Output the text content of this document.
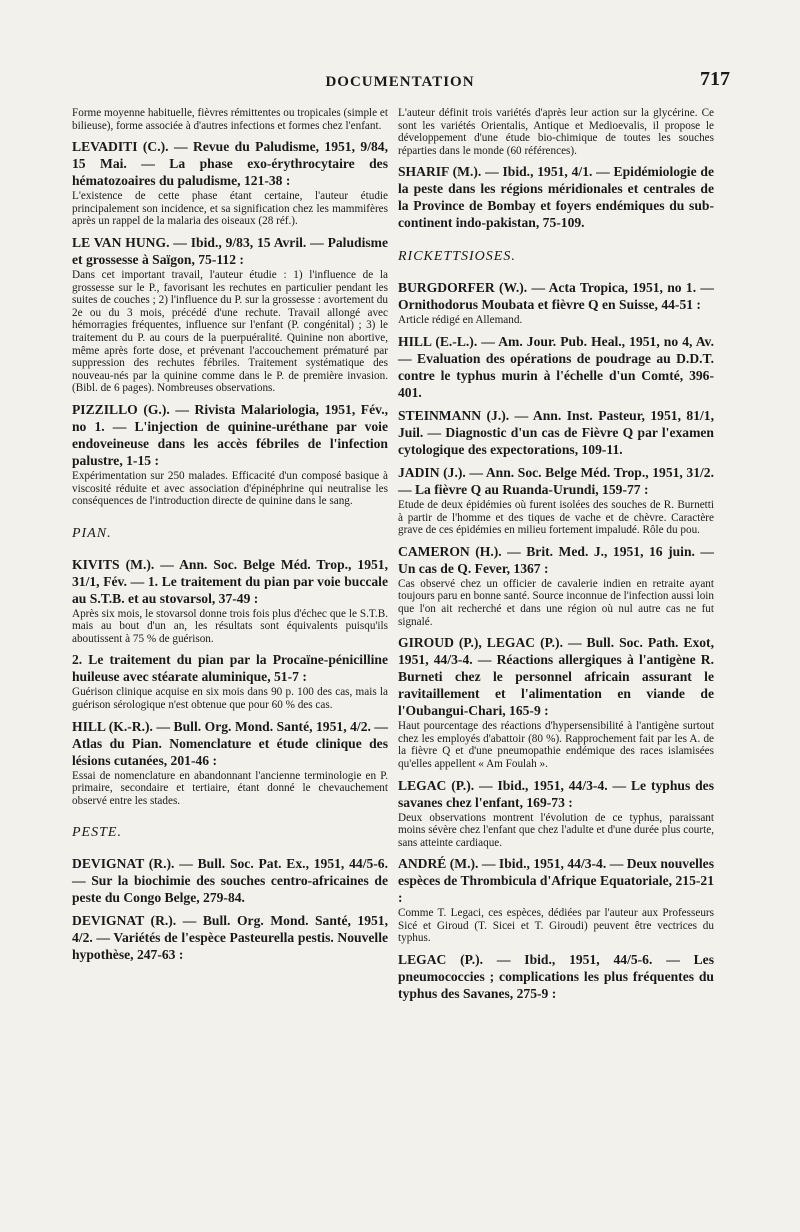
DOCUMENTATION	717
Forme moyenne habituelle, fièvres rémittentes ou tropicales (simple et bilieuse), forme associée à d'autres infections et formes chez l'enfant.
LEVADITI (C.). — Revue du Paludisme, 1951, 9/84, 15 Mai. — La phase exo-érythrocytaire des hématozoaires du paludisme, 121-38 :
L'existence de cette phase étant certaine, l'auteur étudie principalement son incidence, et sa signification chez les mammifères après un rappel de la malaria des oiseaux (28 réf.).
LE VAN HUNG. — Ibid., 9/83, 15 Avril. — Paludisme et grossesse à Saïgon, 75-112 :
Dans cet important travail, l'auteur étudie : 1) l'influence de la grossesse sur le P., favorisant les rechutes en particulier pendant les suites de couches ; 2) l'influence du P. sur la grossesse : avortement du 2e ou du 3 mois, précédé d'une rechute. Travail allongé avec hémorragies fréquentes, influence sur l'enfant (P. congénital) ; 3) le traitement du P. au cours de la puerpuéralité. Quinine non abortive, même après forte dose, et prévenant l'accouchement prématuré par suppression des rechutes fébriles. Traitement systématique des nouveau-nés par la quinine comme dans le P. de première invasion. (Bibl. de 6 pages). Nombreuses observations.
PIZZILLO (G.). — Rivista Malariologia, 1951, Fév., no 1. — L'injection de quinine-uréthane par voie endoveineuse dans les accès fébriles de l'infection palustre, 1-15 :
Expérimentation sur 250 malades. Efficacité d'un composé basique à viscosité réduite et avec association d'épinéphrine qui neutralise les conséquences de l'introduction directe de quinine dans le sang.
PIAN.
KIVITS (M.). — Ann. Soc. Belge Méd. Trop., 1951, 31/1, Fév. — 1. Le traitement du pian par voie buccale au S.T.B. et au stovarsol, 37-49 :
Après six mois, le stovarsol donne trois fois plus d'échec que le S.T.B. mais au bout d'un an, les résultats sont équivalents puisqu'ils aboutissent à 75 % de guérison.
2. Le traitement du pian par la Procaïne-pénicilline huileuse avec stéarate aluminique, 51-7 :
Guérison clinique acquise en six mois dans 90 p. 100 des cas, mais la guérison sérologique n'est obtenue que pour 60 % des cas.
HILL (K.-R.). — Bull. Org. Mond. Santé, 1951, 4/2. — Atlas du Pian. Nomenclature et étude clinique des lésions cutanées, 201-46 :
Essai de nomenclature en abandonnant l'ancienne terminologie en P. primaire, secondaire et tertiaire, étant donné le chevauchement observé entre les stades.
PESTE.
DEVIGNAT (R.). — Bull. Soc. Pat. Ex., 1951, 44/5-6. — Sur la biochimie des souches centro-africaines de peste du Congo Belge, 279-84.
DEVIGNAT (R.). — Bull. Org. Mond. Santé, 1951, 4/2. — Variétés de l'espèce Pasteurella pestis. Nouvelle hypothèse, 247-63 :
L'auteur définit trois variétés d'après leur action sur la glycérine. Ce sont les variétés Orientalis, Antique et Medioevalis, il propose le développement d'une étude bio-chimique de toutes les souches réparties dans le monde (60 références).
SHARIF (M.). — Ibid., 1951, 4/1. — Epidémiologie de la peste dans les régions méridionales et centrales de la Province de Bombay et foyers endémiques du sub-continent indo-pakistan, 75-109.
RICKETTSIOSES.
BURGDORFER (W.). — Acta Tropica, 1951, no 1. — Ornithodorus Moubata et fièvre Q en Suisse, 44-51 :
Article rédigé en Allemand.
HILL (E.-L.). — Am. Jour. Pub. Heal., 1951, no 4, Av. — Evaluation des opérations de poudrage au D.D.T. contre le typhus murin à l'échelle d'un Comté, 396-401.
STEINMANN (J.). — Ann. Inst. Pasteur, 1951, 81/1, Juil. — Diagnostic d'un cas de Fièvre Q par l'examen cytologique des expectorations, 109-11.
JADIN (J.). — Ann. Soc. Belge Méd. Trop., 1951, 31/2. — La fièvre Q au Ruanda-Urundi, 159-77 :
Etude de deux épidémies où furent isolées des souches de R. Burnetti à partir de l'homme et des tiques de vache et de chèvre. Caractère grave de ces épidémies en milieu fortement impaludé. Rôle du pou.
CAMERON (H.). — Brit. Med. J., 1951, 16 juin. — Un cas de Q. Fever, 1367 :
Cas observé chez un officier de cavalerie indien en retraite ayant toujours paru en bonne santé. Source inconnue de l'infection aussi loin que l'on ait recherché et dans une région où nul autre cas ne fut signalé.
GIROUD (P.), LEGAC (P.). — Bull. Soc. Path. Exot, 1951, 44/3-4. — Réactions allergiques à l'antigène R. Burneti chez le personnel africain assurant le ravitaillement et l'alimentation en viande de l'Oubangui-Chari, 165-9 :
Haut pourcentage des réactions d'hypersensibilité à l'antigène surtout chez les employés d'abattoir (80 %). Rapprochement fait par les A. de la fièvre Q et d'une pneumopathie endémique des races islamisées qu'elles appellent « Am Foulah ».
LEGAC (P.). — Ibid., 1951, 44/3-4. — Le typhus des savanes chez l'enfant, 169-73 :
Deux observations montrent l'évolution de ce typhus, paraissant moins sévère chez l'enfant que chez l'adulte et d'une durée plus courte, sans atteinte cardiaque.
ANDRÉ (M.). — Ibid., 1951, 44/3-4. — Deux nouvelles espèces de Thrombicula d'Afrique Equatoriale, 215-21 :
Comme T. Legaci, ces espèces, dédiées par l'auteur aux Professeurs Sicé et Giroud (T. Sicei et T. Giroudi) peuvent être vectrices du typhus.
LEGAC (P.). — Ibid., 1951, 44/5-6. — Les pneumococcies ; complications les plus fréquentes du typhus des Savanes, 275-9 :
